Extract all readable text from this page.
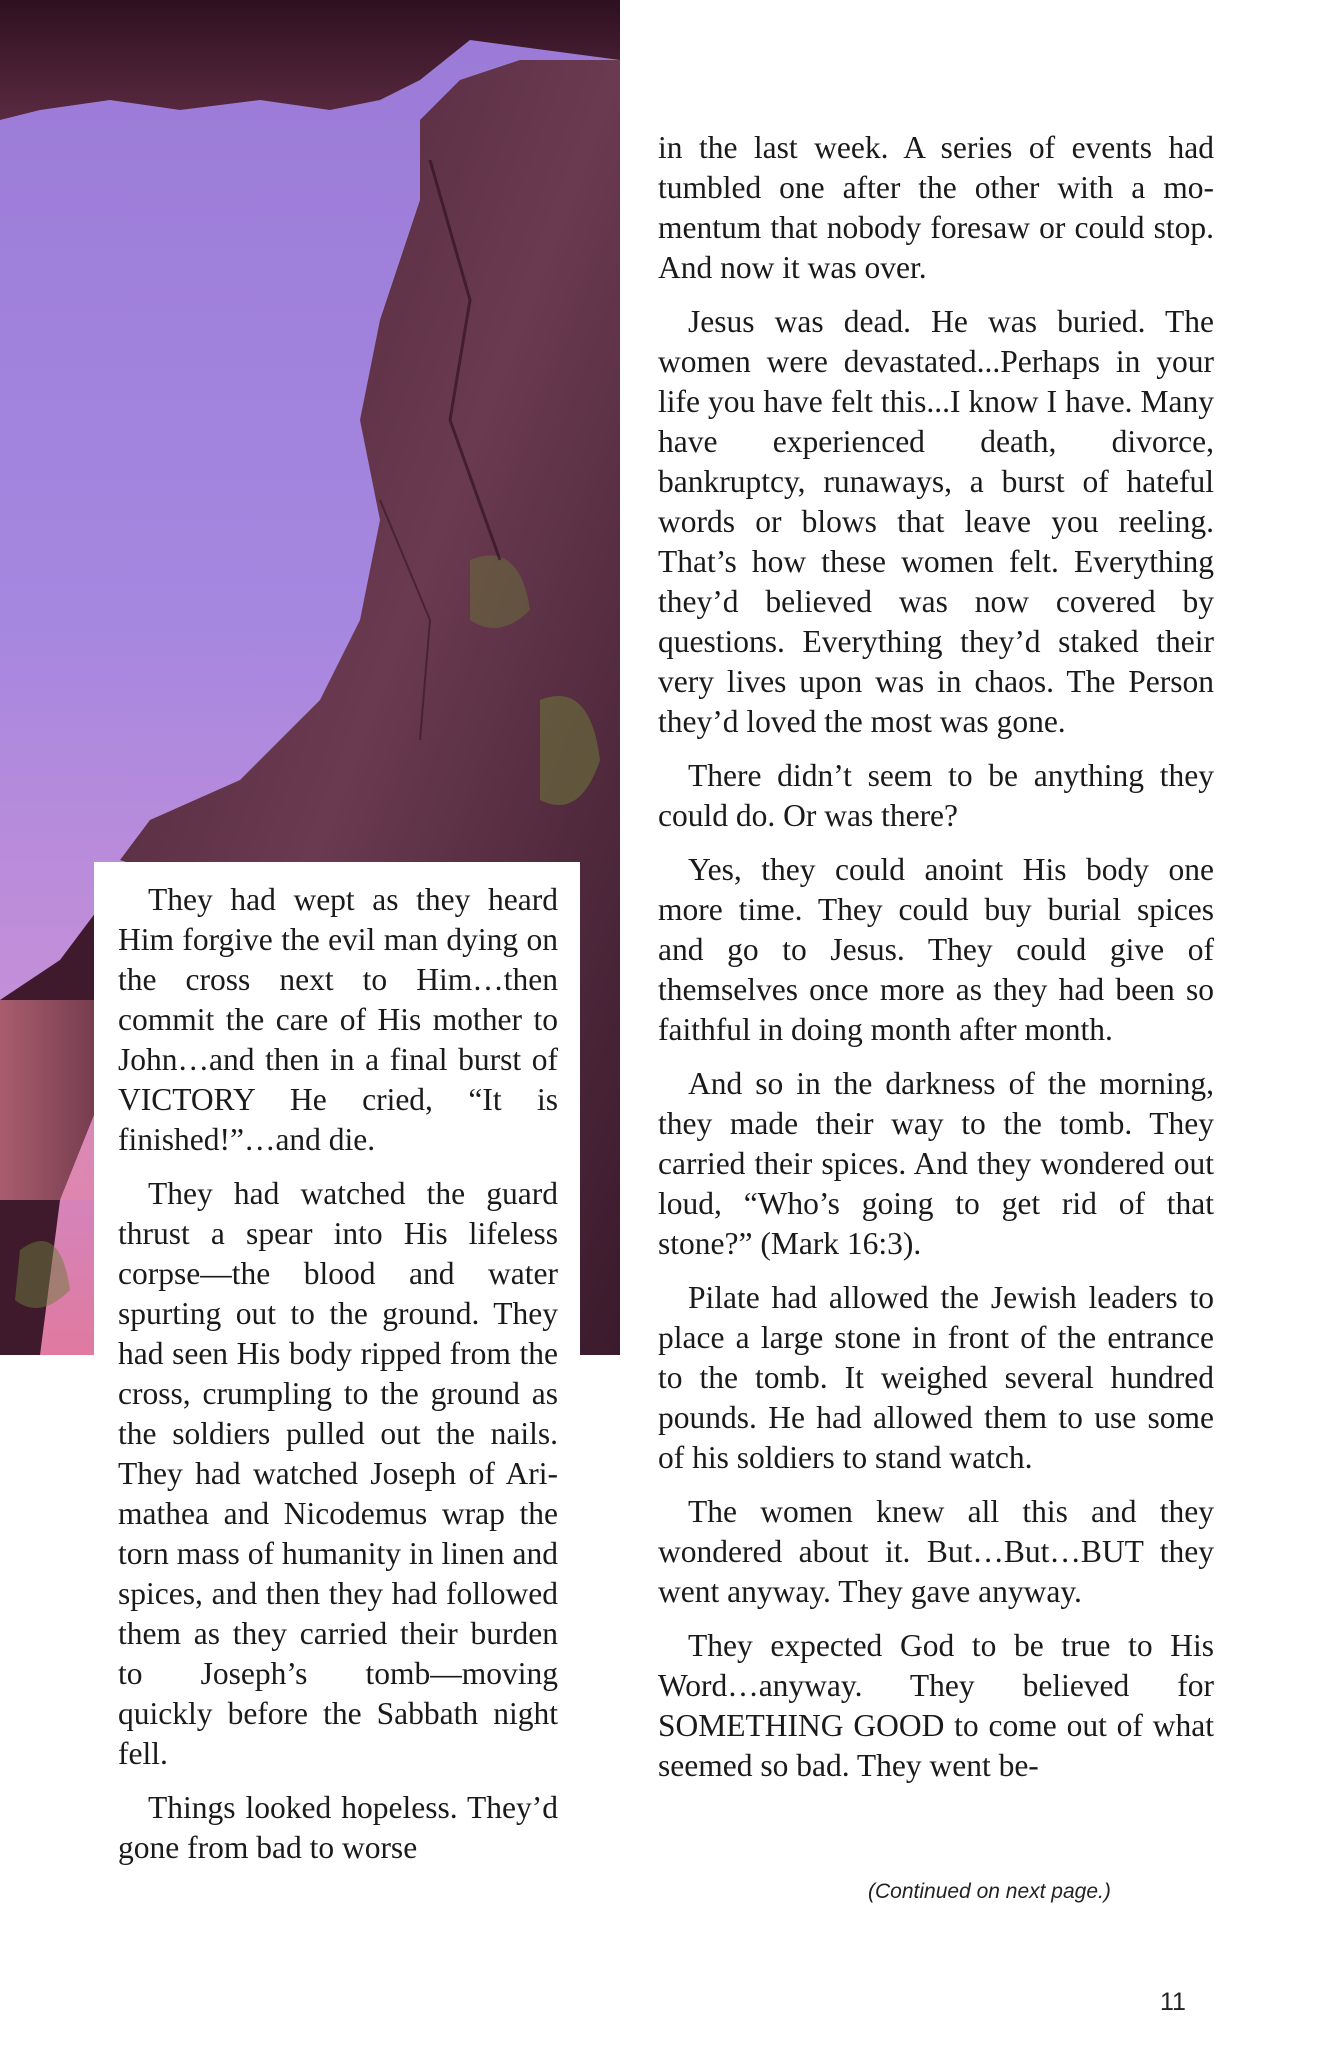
They had wept as they heard Him forgive the evil man dying on the cross next to Him…then commit the care of His mother to John…and then in a final burst of VICTORY He cried, “It is finished!”…and die.

They had watched the guard thrust a spear into His lifeless corpse—the blood and water spurting out to the ground. They had seen His body ripped from the cross, crumpling to the ground as the soldiers pulled out the nails. They had watched Joseph of Arimathea and Nicodemus wrap the torn mass of humanity in linen and spices, and then they had followed them as they carried their burden to Joseph’s tomb—moving quickly before the Sabbath night fell.

Things looked hopeless. They’d gone from bad to worse

in the last week. A series of events had tumbled one after the other with a momentum that nobody foresaw or could stop. And now it was over.

Jesus was dead. He was buried. The women were devastated...Perhaps in your life you have felt this...I know I have. Many have experienced death, divorce, bankruptcy, runaways, a burst of hateful words or blows that leave you reeling. That’s how these women felt. Everything they’d believed was now covered by questions. Everything they’d staked their very lives upon was in chaos. The Person they’d loved the most was gone.

There didn’t seem to be anything they could do. Or was there?

Yes, they could anoint His body one more time. They could buy burial spices and go to Jesus. They could give of themselves once more as they had been so faithful in doing month after month.

And so in the darkness of the morning, they made their way to the tomb. They carried their spices. And they wondered out loud, “Who’s going to get rid of that stone?” (Mark 16:3).

Pilate had allowed the Jewish leaders to place a large stone in front of the entrance to the tomb. It weighed several hundred pounds. He had allowed them to use some of his soldiers to stand watch.

The women knew all this and they wondered about it. But…But…BUT they went anyway. They gave anyway.

They expected God to be true to His Word…anyway. They believed for SOMETHING GOOD to come out of what seemed so bad. They went be-

(Continued on next page.)
11
